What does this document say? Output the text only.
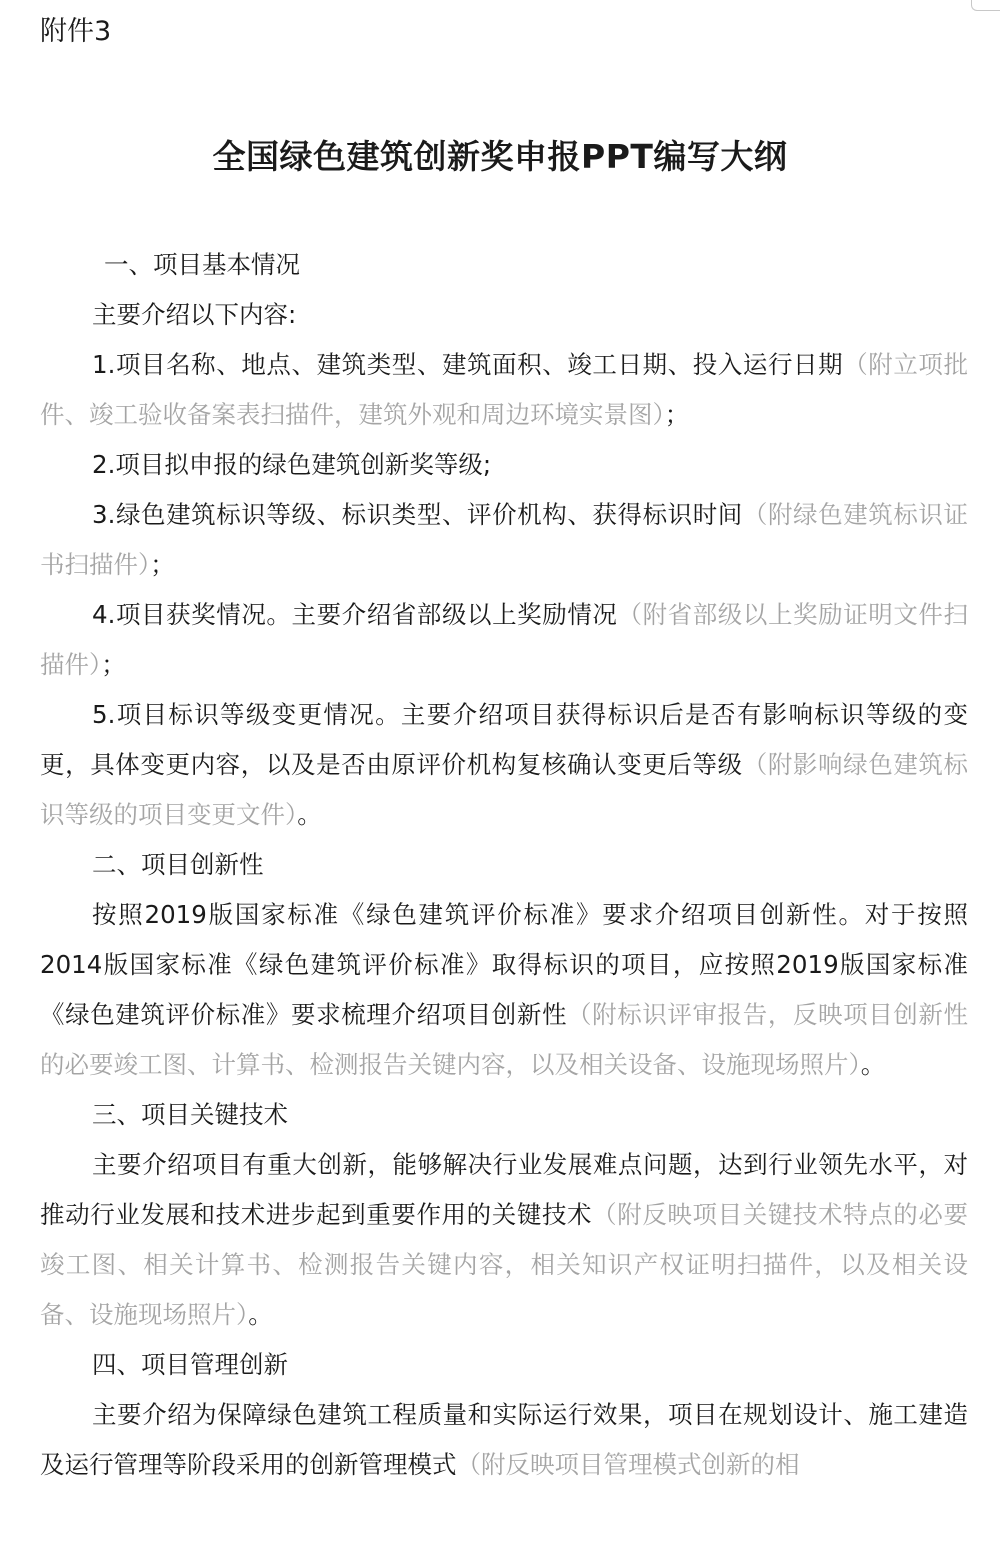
附件3
全国绿色建筑创新奖申报PPT编写大纲

一、项目基本情况

主要介绍以下内容:

1.项目名称、地点、建筑类型、建筑面积、竣工日期、投入运行日期（附立项批件、竣工验收备案表扫描件，建筑外观和周边环境实景图）；

2.项目拟申报的绿色建筑创新奖等级;

3.绿色建筑标识等级、标识类型、评价机构、获得标识时间（附绿色建筑标识证书扫描件）；

4.项目获奖情况。主要介绍省部级以上奖励情况（附省部级以上奖励证明文件扫描件）；

5.项目标识等级变更情况。主要介绍项目获得标识后是否有影响标识等级的变更，具体变更内容，以及是否由原评价机构复核确认变更后等级（附影响绿色建筑标识等级的项目变更文件）。

二、项目创新性

按照2019版国家标准《绿色建筑评价标准》要求介绍项目创新性。对于按照2014版国家标准《绿色建筑评价标准》取得标识的项目，应按照2019版国家标准《绿色建筑评价标准》要求梳理介绍项目创新性（附标识评审报告，反映项目创新性的必要竣工图、计算书、检测报告关键内容，以及相关设备、设施现场照片）。

三、项目关键技术

主要介绍项目有重大创新，能够解决行业发展难点问题，达到行业领先水平，对推动行业发展和技术进步起到重要作用的关键技术（附反映项目关键技术特点的必要竣工图、相关计算书、检测报告关键内容，相关知识产权证明扫描件，以及相关设备、设施现场照片）。

四、项目管理创新

主要介绍为保障绿色建筑工程质量和实际运行效果，项目在规划设计、施工建造及运行管理等阶段采用的创新管理模式（附反映项目管理模式创新的相
